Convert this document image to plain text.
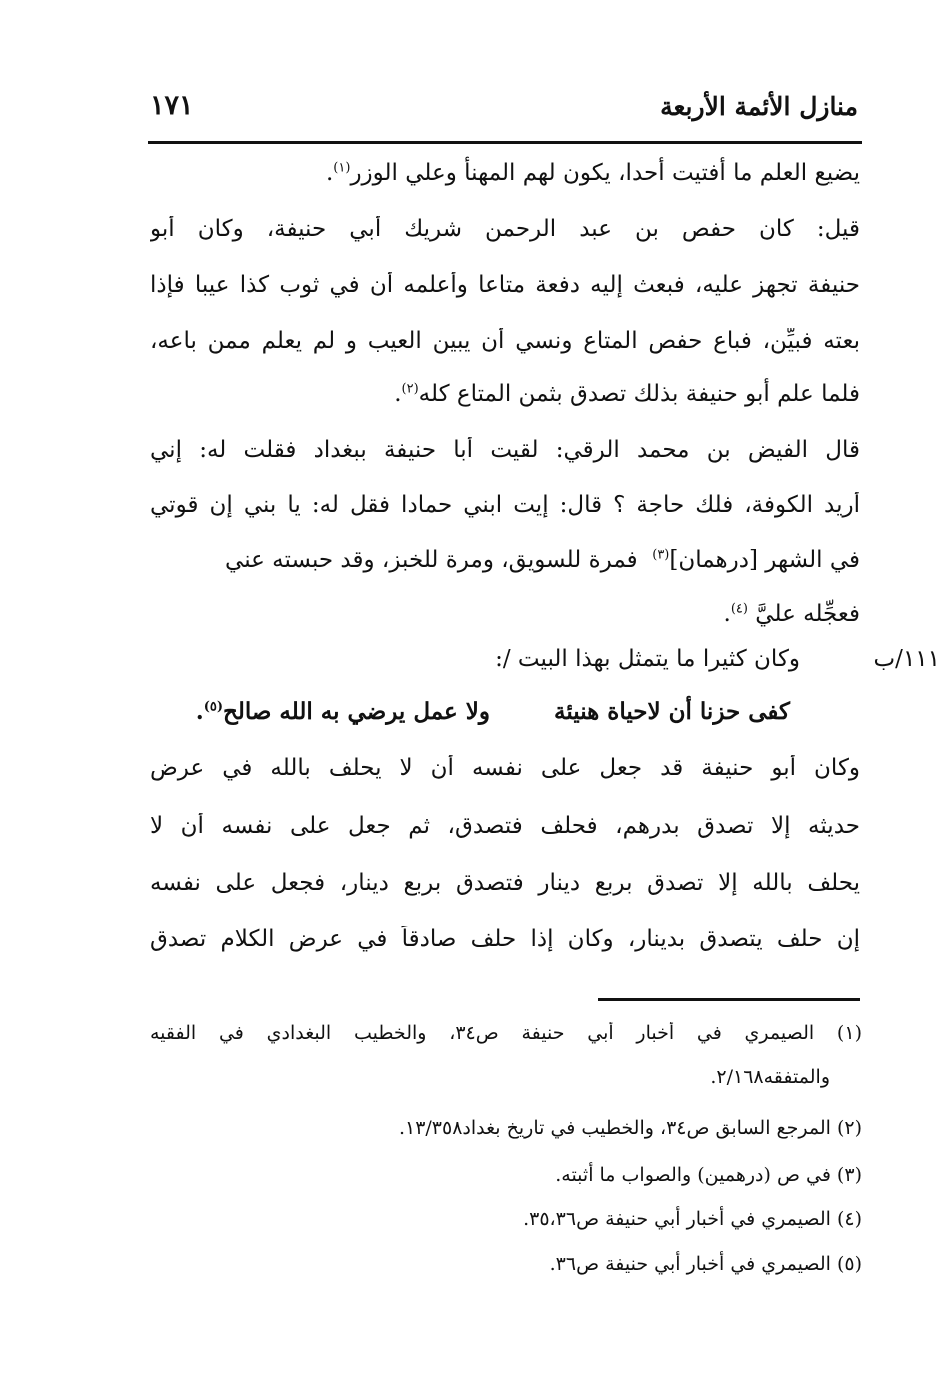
منازل الأئمة الأربعة
١٧١
يضيع العلم ما أفتيت أحدا، يكون لهم المهنأ وعلي الوزر$^{(١)}$.
قيل: كان حفص بن عبد الرحمن شريك أبي حنيفة، وكان أبو
حنيفة تجهز عليه، فبعث إليه دفعة متاعا وأعلمه أن في ثوب كذا عيبا فإذا
بعته فبيِّن، فباع حفص المتاع ونسي أن يبين العيب و لم يعلم ممن باعه،
فلما علم أبو حنيفة بذلك تصدق بثمن المتاع كله$^{(٢)}$.
قال الفيض بن محمد الرقي: لقيت أبا حنيفة ببغداد فقلت له: إني
أريد الكوفة، فلك حاجة ؟ قال: إيت ابني حمادا فقل له: يا بني إن قوتي
في الشهر [درهمان]$^{(٣)}$  فمرة للسويق، ومرة للخبز، وقد حبسته عني
فعجِّله عليَّ $^{(٤)}$.
وكان كثيرا ما يتمثل بهذا البيت /:
وكان أبو حنيفة قد جعل على نفسه أن لا يحلف بالله في عرض
حديثه إلا تصدق بدرهم، فحلف فتصدق، ثم جعل على نفسه أن لا
يحلف بالله إلا تصدق بربع دينار فتصدق بربع دينار، فجعل على نفسه
إن حلف يتصدق بدينار، وكان إذا حلف صادقاً في عرض الكلام تصدق
١١١/ب
كفى حزنا أن لاحياة هنيئة
ولا عمل يرضي به الله صالح$^{(٥)}$.
(١) الصيمري في أخبار أبي حنيفة ص٣٤، والخطيب البغدادي في الفقيه
والمتفقه٢/١٦٨.
(٢) المرجع السابق ص٣٤، والخطيب في تاريخ بغداد١٣/٣٥٨.
(٣) في ص (درهمين) والصواب ما أثبته.
(٤) الصيمري في أخبار أبي حنيفة ص٣٥،٣٦.
(٥) الصيمري في أخبار أبي حنيفة ص٣٦.
